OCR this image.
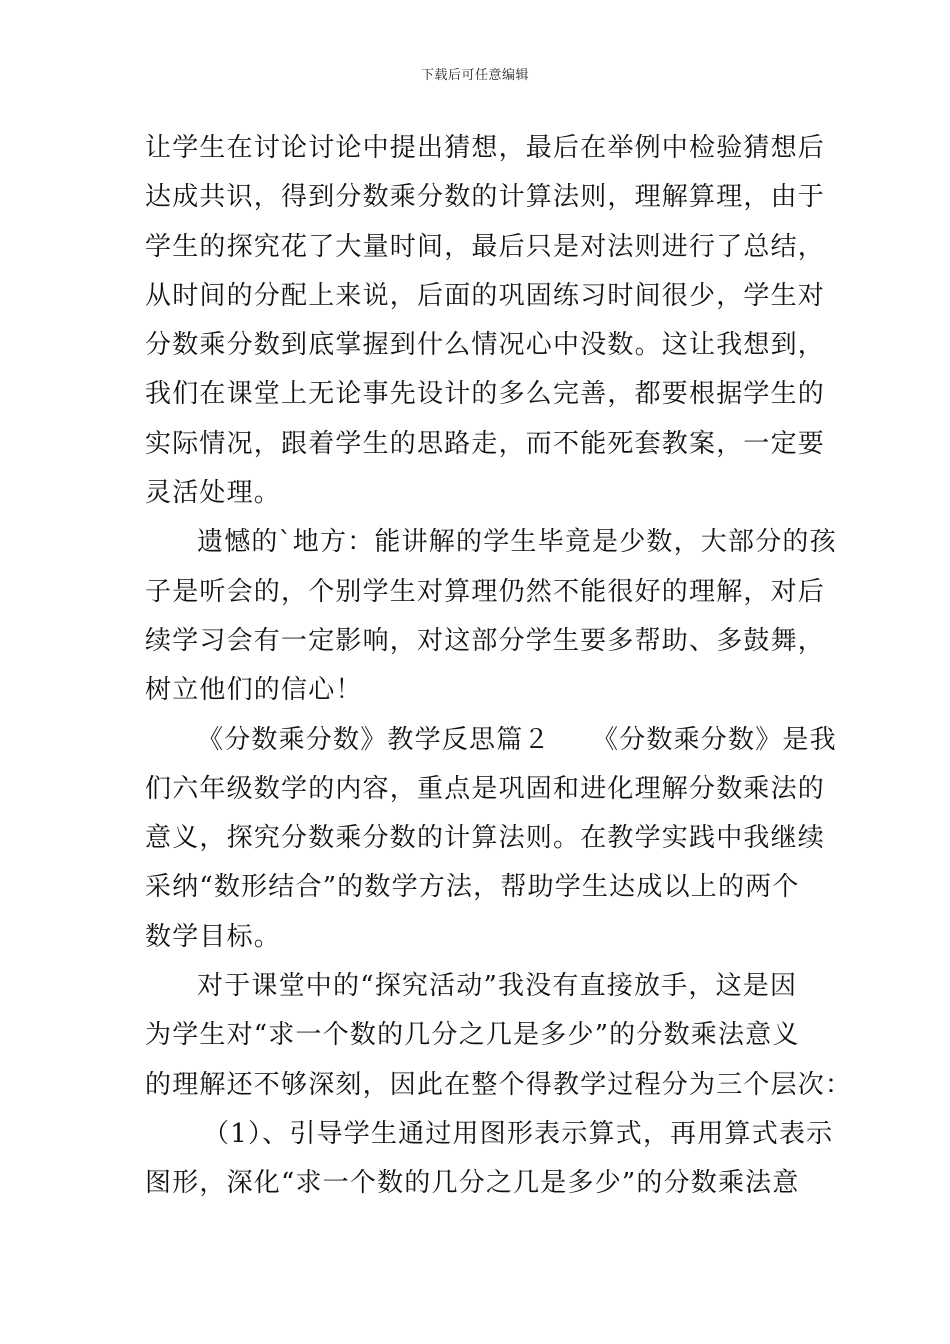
下载后可任意编辑
让学生在讨论讨论中提出猜想，最后在举例中检验猜想后
达成共识，得到分数乘分数的计算法则，理解算理，由于
学生的探究花了大量时间，最后只是对法则进行了总结，
从时间的分配上来说，后面的巩固练习时间很少，学生对
分数乘分数到底掌握到什么情况心中没数。这让我想到，
我们在课堂上无论事先设计的多么完善，都要根据学生的
实际情况，跟着学生的思路走，而不能死套教案，一定要
灵活处理。
遗憾的`地方：能讲解的学生毕竟是少数，大部分的孩
子是听会的，个别学生对算理仍然不能很好的理解，对后
续学习会有一定影响，对这部分学生要多帮助、多鼓舞，
树立他们的信心！
《分数乘分数》教学反思篇２　　《分数乘分数》是我
们六年级数学的内容，重点是巩固和进化理解分数乘法的
意义，探究分数乘分数的计算法则。在教学实践中我继续
采纳“数形结合”的数学方法，帮助学生达成以上的两个
数学目标。
对于课堂中的“探究活动”我没有直接放手，这是因
为学生对“求一个数的几分之几是多少”的分数乘法意义
的理解还不够深刻，因此在整个得教学过程分为三个层次：
（1）、引导学生通过用图形表示算式，再用算式表示
图形，深化“求一个数的几分之几是多少”的分数乘法意
